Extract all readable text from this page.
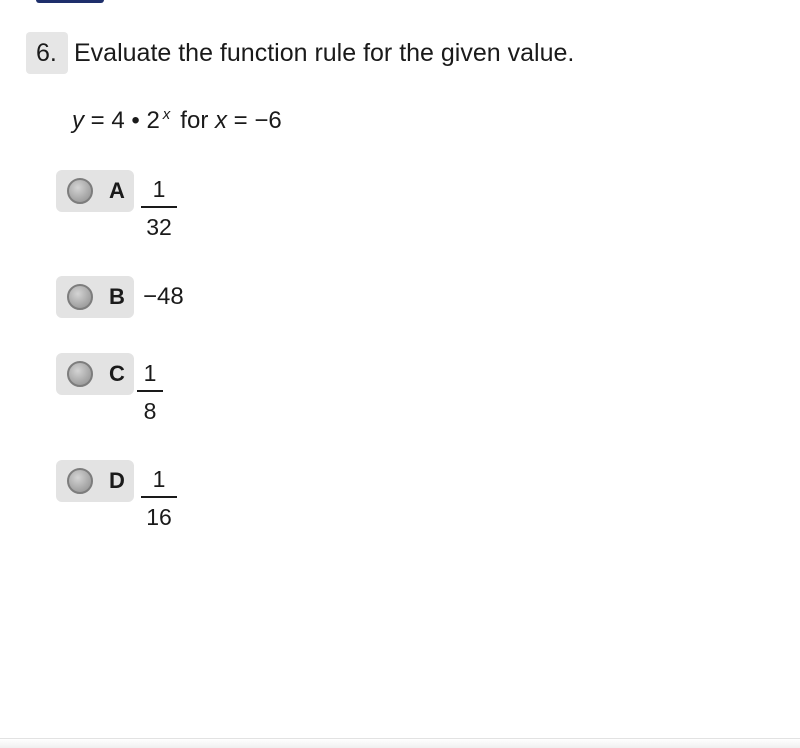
6. Evaluate the function rule for the given value.
y = 4 • 2 $^x$ for x = −6
A	1
32
B −48
C 1
8
D	1
16
